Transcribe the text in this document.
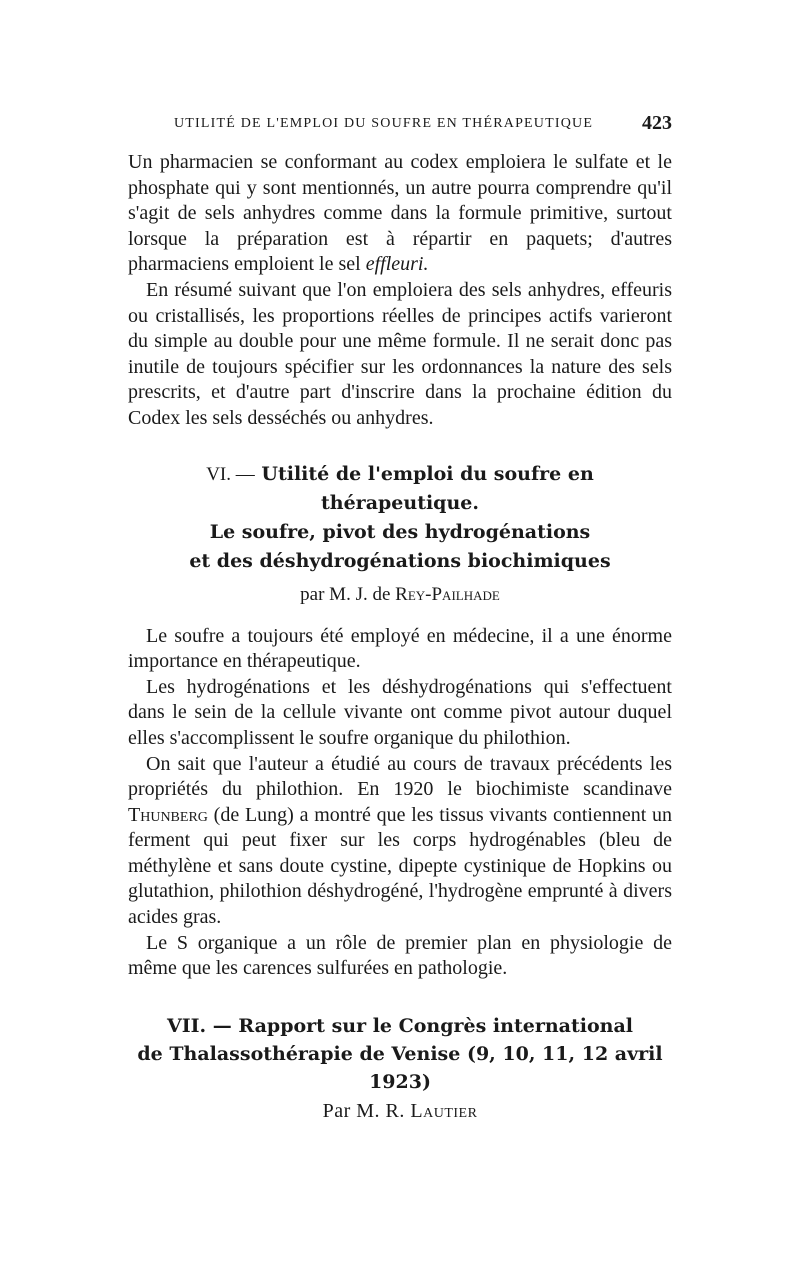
UTILITÉ DE L'EMPLOI DU SOUFRE EN THÉRAPEUTIQUE 423

Un pharmacien se conformant au codex emploiera le sulfate et le phosphate qui y sont mentionnés, un autre pourra comprendre qu'il s'agit de sels anhydres comme dans la formule primitive, surtout lorsque la préparation est à répartir en paquets; d'autres pharmaciens emploient le sel effleuri.

En résumé suivant que l'on emploiera des sels anhydres, effeuris ou cristallisés, les proportions réelles de principes actifs varieront du simple au double pour une même formule. Il ne serait donc pas inutile de toujours spécifier sur les ordonnances la nature des sels prescrits, et d'autre part d'inscrire dans la prochaine édition du Codex les sels desséchés ou anhydres.

VI. — Utilité de l'emploi du soufre en thérapeutique.
Le soufre, pivot des hydrogénations
et des déshydrogénations biochimiques
par M. J. de Rey-Pailhade

Le soufre a toujours été employé en médecine, il a une énorme importance en thérapeutique.

Les hydrogénations et les déshydrogénations qui s'effectuent dans le sein de la cellule vivante ont comme pivot autour duquel elles s'accomplissent le soufre organique du philothion.

On sait que l'auteur a étudié au cours de travaux précédents les propriétés du philothion. En 1920 le biochimiste scandinave Thunberg (de Lung) a montré que les tissus vivants contiennent un ferment qui peut fixer sur les corps hydrogénables (bleu de méthylène et sans doute cystine, dipepte cystinique de Hopkins ou glutathion, philothion déshydrogéné, l'hydrogène emprunté à divers acides gras.

Le S organique a un rôle de premier plan en physiologie de même que les carences sulfurées en pathologie.

VII. — Rapport sur le Congrès international
de Thalassothérapie de Venise (9, 10, 11, 12 avril 1923)
Par M. R. Lautier
